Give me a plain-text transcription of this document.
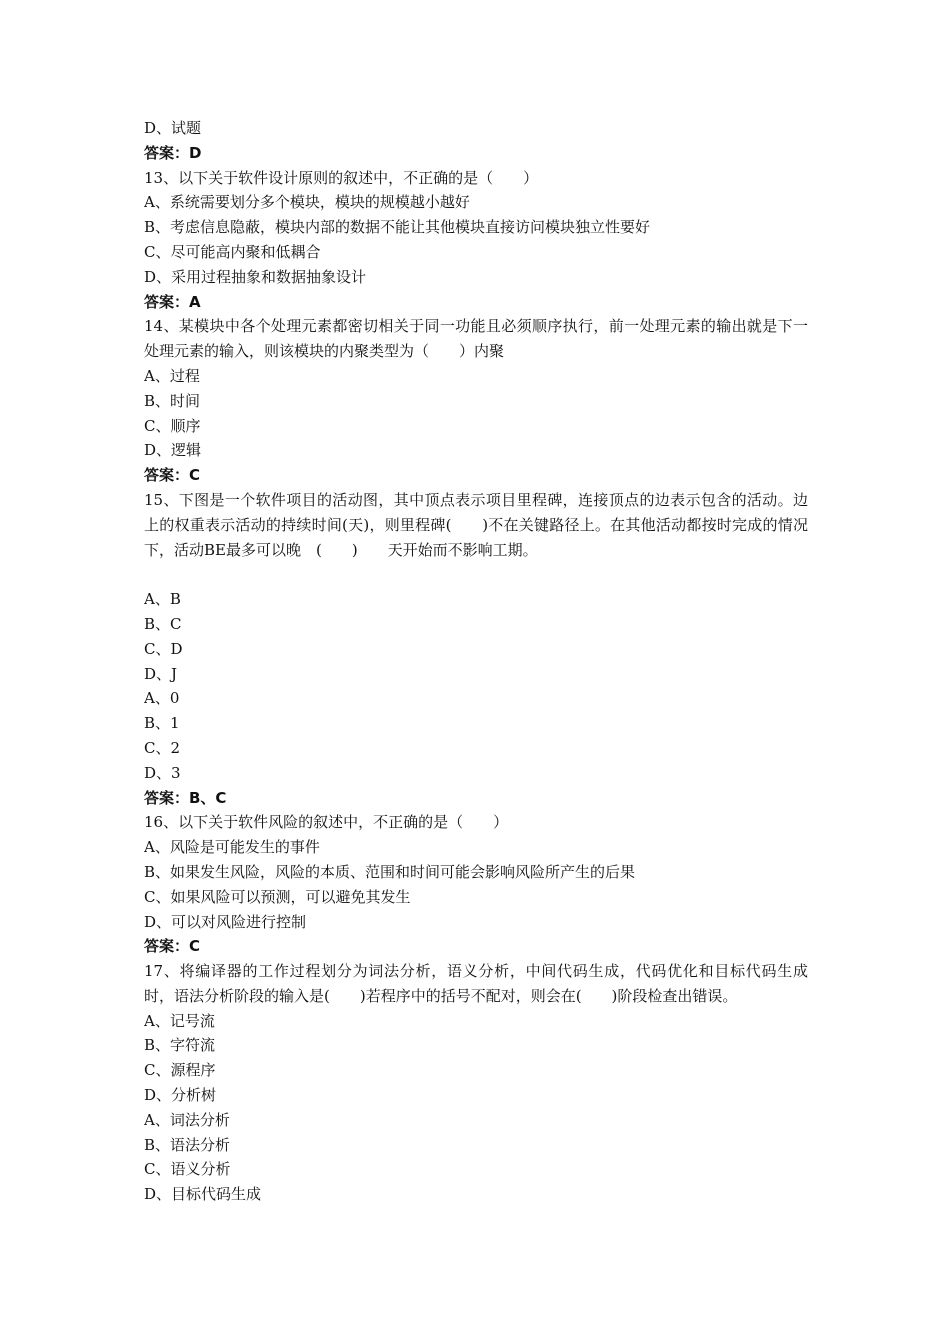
D、试题
答案：D
13、以下关于软件设计原则的叙述中，不正确的是（　　）
A、系统需要划分多个模块，模块的规模越小越好
B、考虑信息隐蔽，模块内部的数据不能让其他模块直接访问模块独立性要好
C、尽可能高内聚和低耦合
D、采用过程抽象和数据抽象设计
答案：A
14、某模块中各个处理元素都密切相关于同一功能且必须顺序执行，前一处理元素的输出就是下一处理元素的输入，则该模块的内聚类型为（　　）内聚
A、过程
B、时间
C、顺序
D、逻辑
答案：C
15、下图是一个软件项目的活动图，其中顶点表示项目里程碑，连接顶点的边表示包含的活动。边上的权重表示活动的持续时间(天)，则里程碑(　　)不在关键路径上。在其他活动都按时完成的情况下，活动BE最多可以晚　(　　)　　天开始而不影响工期。
A、B
B、C
C、D
D、J
A、0
B、1
C、2
D、3
答案：B、C
16、以下关于软件风险的叙述中，不正确的是（　　）
A、风险是可能发生的事件
B、如果发生风险，风险的本质、范围和时间可能会影响风险所产生的后果
C、如果风险可以预测，可以避免其发生
D、可以对风险进行控制
答案：C
17、将编译器的工作过程划分为词法分析，语义分析，中间代码生成，代码优化和目标代码生成时，语法分析阶段的输入是(　　)若程序中的括号不配对，则会在(　　)阶段检查出错误。
A、记号流
B、字符流
C、源程序
D、分析树
A、词法分析
B、语法分析
C、语义分析
D、目标代码生成
